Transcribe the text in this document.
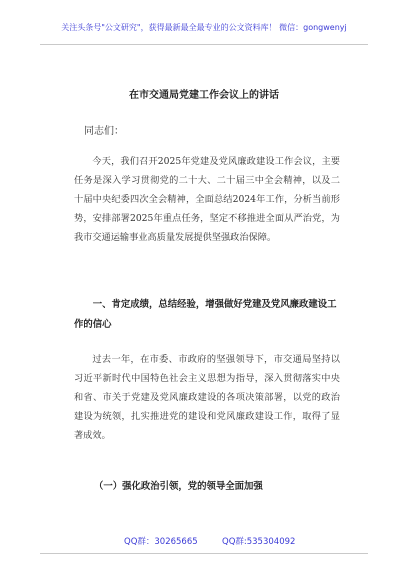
关注头条号"公文研究"，获得最新最全最专业的公文资料库！ 微信：gongwenyj
在市交通局党建工作会议上的讲话
同志们：
今天，我们召开2025年党建及党风廉政建设工作会议，主要任务是深入学习贯彻党的二十大、二十届三中全会精神，以及二十届中央纪委四次全会精神，全面总结2024年工作，分析当前形势，安排部署2025年重点任务，坚定不移推进全面从严治党，为我市交通运输事业高质量发展提供坚强政治保障。
一、肯定成绩，总结经验，增强做好党建及党风廉政建设工作的信心
过去一年，在市委、市政府的坚强领导下，市交通局坚持以习近平新时代中国特色社会主义思想为指导，深入贯彻落实中央和省、市关于党建及党风廉政建设的各项决策部署，以党的政治建设为统领，扎实推进党的建设和党风廉政建设工作，取得了显著成效。
（一）强化政治引领，党的领导全面加强
QQ群：30265665	QQ群:535304092
